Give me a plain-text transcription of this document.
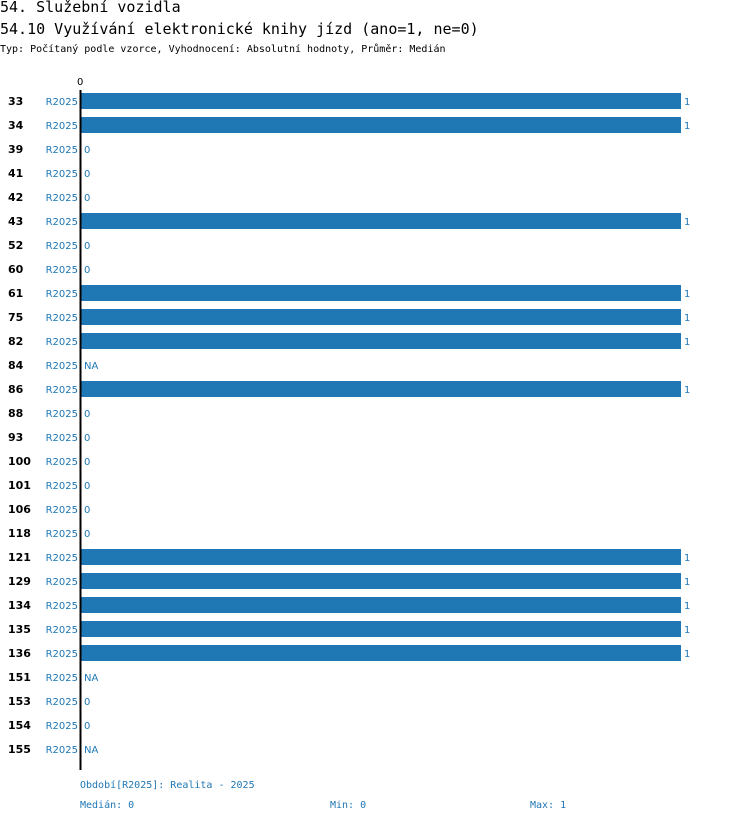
54. Služební vozidla
54.10 Využívání elektronické knihy jízd (ano=1, ne=0)
Typ: Počítaný podle vzorce, Vyhodnocení: Absolutní hodnoty, Průměr: Medián
0
33 R2025	1
34 R2025	1
39 R2025 0
41 R2025 0
42 R2025 0
43 R2025	1
52 R2025 0
60 R2025 0
61 R2025	1
75 R2025	1
82 R2025	1
84 R2025 NA
86 R2025	1
88 R2025 0
93 R2025 0
100 R2025 0
101 R2025 0
106 R2025 0
118 R2025 0
121 R2025	1
129 R2025	1
134 R2025	1
135 R2025	1
136 R2025	1
151 R2025 NA
153 R2025 0
154 R2025 0
155 R2025 NA
Období[R2025]: Realita - 2025
Medián: 0	Min: 0	Max: 1
